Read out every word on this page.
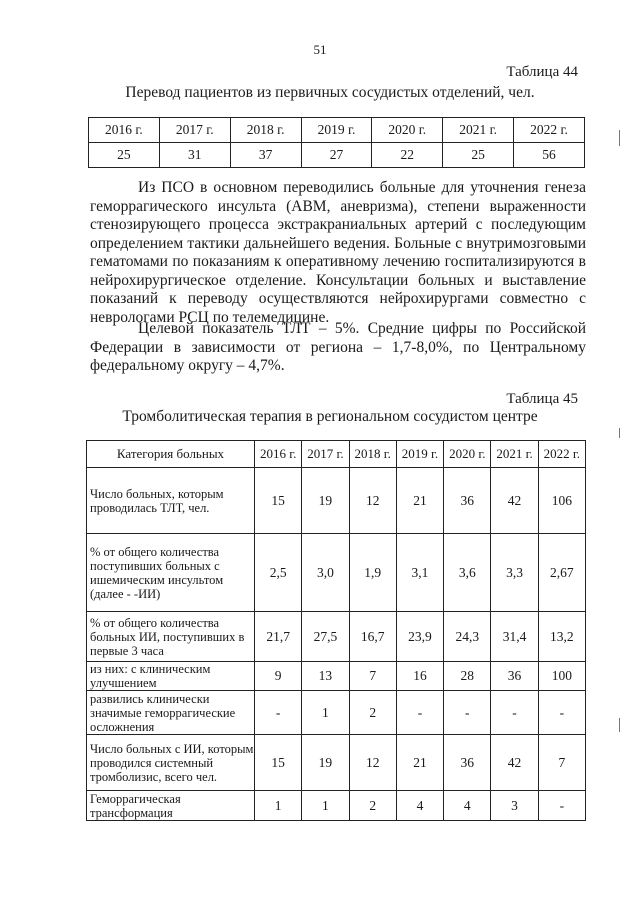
51
Таблица 44
Перевод пациентов из первичных сосудистых отделений, чел.
2016 г.	2017 г.	2018 г.	2019 г.	2020 г.	2021 г.	2022 г.
25	31	37	27	22	25	56

Из ПСО в основном переводились больные для уточнения генеза геморрагического инсульта (АВМ, аневризма), степени выраженности стенозирующего процесса экстракраниальных артерий с последующим определением тактики дальнейшего ведения. Больные с внутримозговыми гематомами по показаниям к оперативному лечению госпитализируются в нейрохирургическое отделение. Консультации больных и выставление показаний к переводу осуществляются нейрохирургами совместно с неврологами РСЦ по телемедицине.

Целевой показатель ТЛТ – 5%. Средние цифры по Российской Федерации в зависимости от региона – 1,7-8,0%, по Центральному федеральному округу – 4,7%.

Таблица 45
Тромболитическая терапия в региональном сосудистом центре
Категория больных	2016 г.	2017 г.	2018 г.	2019 г.	2020 г.	2021 г.	2022 г.
Число больных, которым проводилась ТЛТ, чел.	15	19	12	21	36	42	106
% от общего количества поступивших больных с ишемическим инсультом (далее - -ИИ)	2,5	3,0	1,9	3,1	3,6	3,3	2,67
% от общего количества больных ИИ, поступивших в первые 3 часа	21,7	27,5	16,7	23,9	24,3	31,4	13,2
из них: с клиническим улучшением	9	13	7	16	28	36	100
развились клинически значимые геморрагические осложнения	-	1	2	-	-	-	-
Число больных с ИИ, которым проводился системный тромболизис, всего чел.	15	19	12	21	36	42	7
Геморрагическая трансформация	1	1	2	4	4	3	-
